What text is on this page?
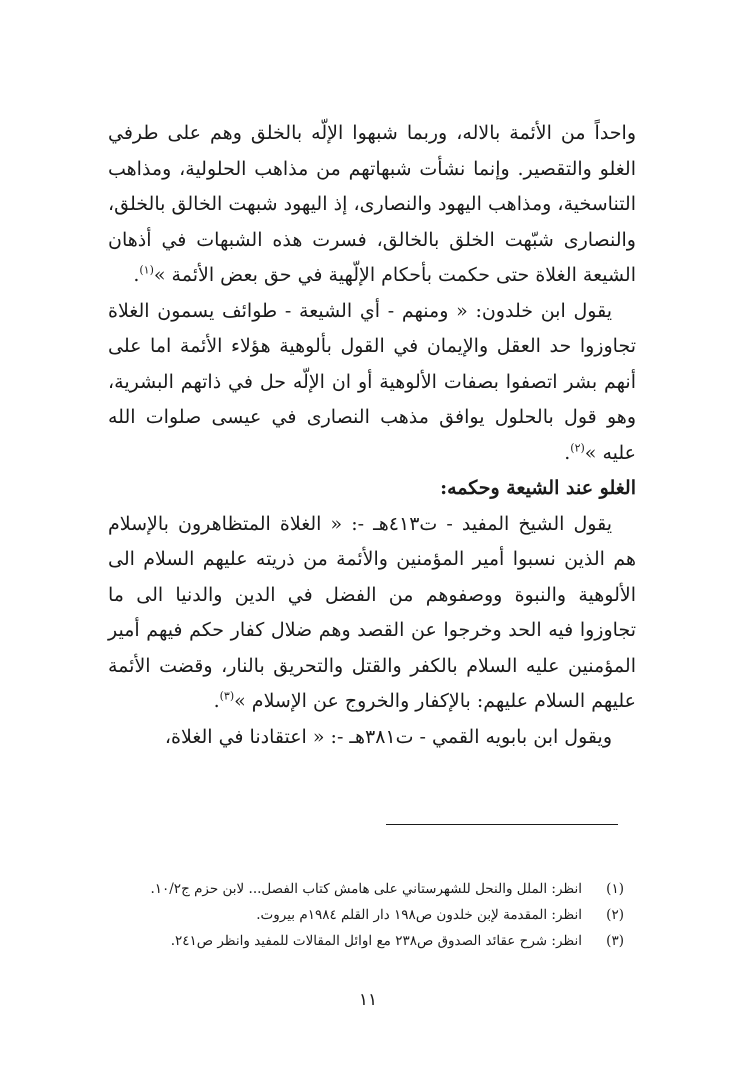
واحداً من الأئمة بالاله، وربما شبهوا الإلّه بالخلق وهم على طرفي الغلو والتقصير. وإنما نشأت شبهاتهم من مذاهب الحلولية، ومذاهب التناسخية، ومذاهب اليهود والنصارى، إذ اليهود شبهت الخالق بالخلق، والنصارى شبّهت الخلق بالخالق، فسرت هذه الشبهات في أذهان الشيعة الغلاة حتى حكمت بأحكام الإلّهية في حق بعض الأئمة »$^{(١)}$.

يقول ابن خلدون: « ومنهم - أي الشيعة - طوائف يسمون الغلاة تجاوزوا حد العقل والإيمان في القول بألوهية هؤلاء الأئمة اما على أنهم بشر اتصفوا بصفات الألوهية أو ان الإلّه حل في ذاتهم البشرية، وهو قول بالحلول يوافق مذهب النصارى في عيسى صلوات الله عليه »$^{(٢)}$.

الغلو عند الشيعة وحكمه:

يقول الشيخ المفيد - ت٤١٣هـ -: « الغلاة المتظاهرون بالإسلام هم الذين نسبوا أمير المؤمنين والأئمة من ذريته عليهم السلام الى الألوهية والنبوة ووصفوهم من الفضل في الدين والدنيا الى ما تجاوزوا فيه الحد وخرجوا عن القصد وهم ضلال كفار حكم فيهم أمير المؤمنين عليه السلام بالكفر والقتل والتحريق بالنار، وقضت الأئمة عليهم السلام عليهم: بالإكفار والخروج عن الإسلام »$^{(٣)}$.

ويقول ابن بابويه القمي - ت٣٨١هـ -: « اعتقادنا في الغلاة،

(١)
انظر: الملل والنحل للشهرستاني على هامش كتاب الفصل... لابن حزم ج١٠/٢.
(٢)
انظر: المقدمة لإبن خلدون ص١٩٨ دار القلم ١٩٨٤م بيروت.
(٣)
انظر: شرح عقائد الصدوق ص٢٣٨ مع اوائل المقالات للمفيد وانظر ص٢٤١.
١١
